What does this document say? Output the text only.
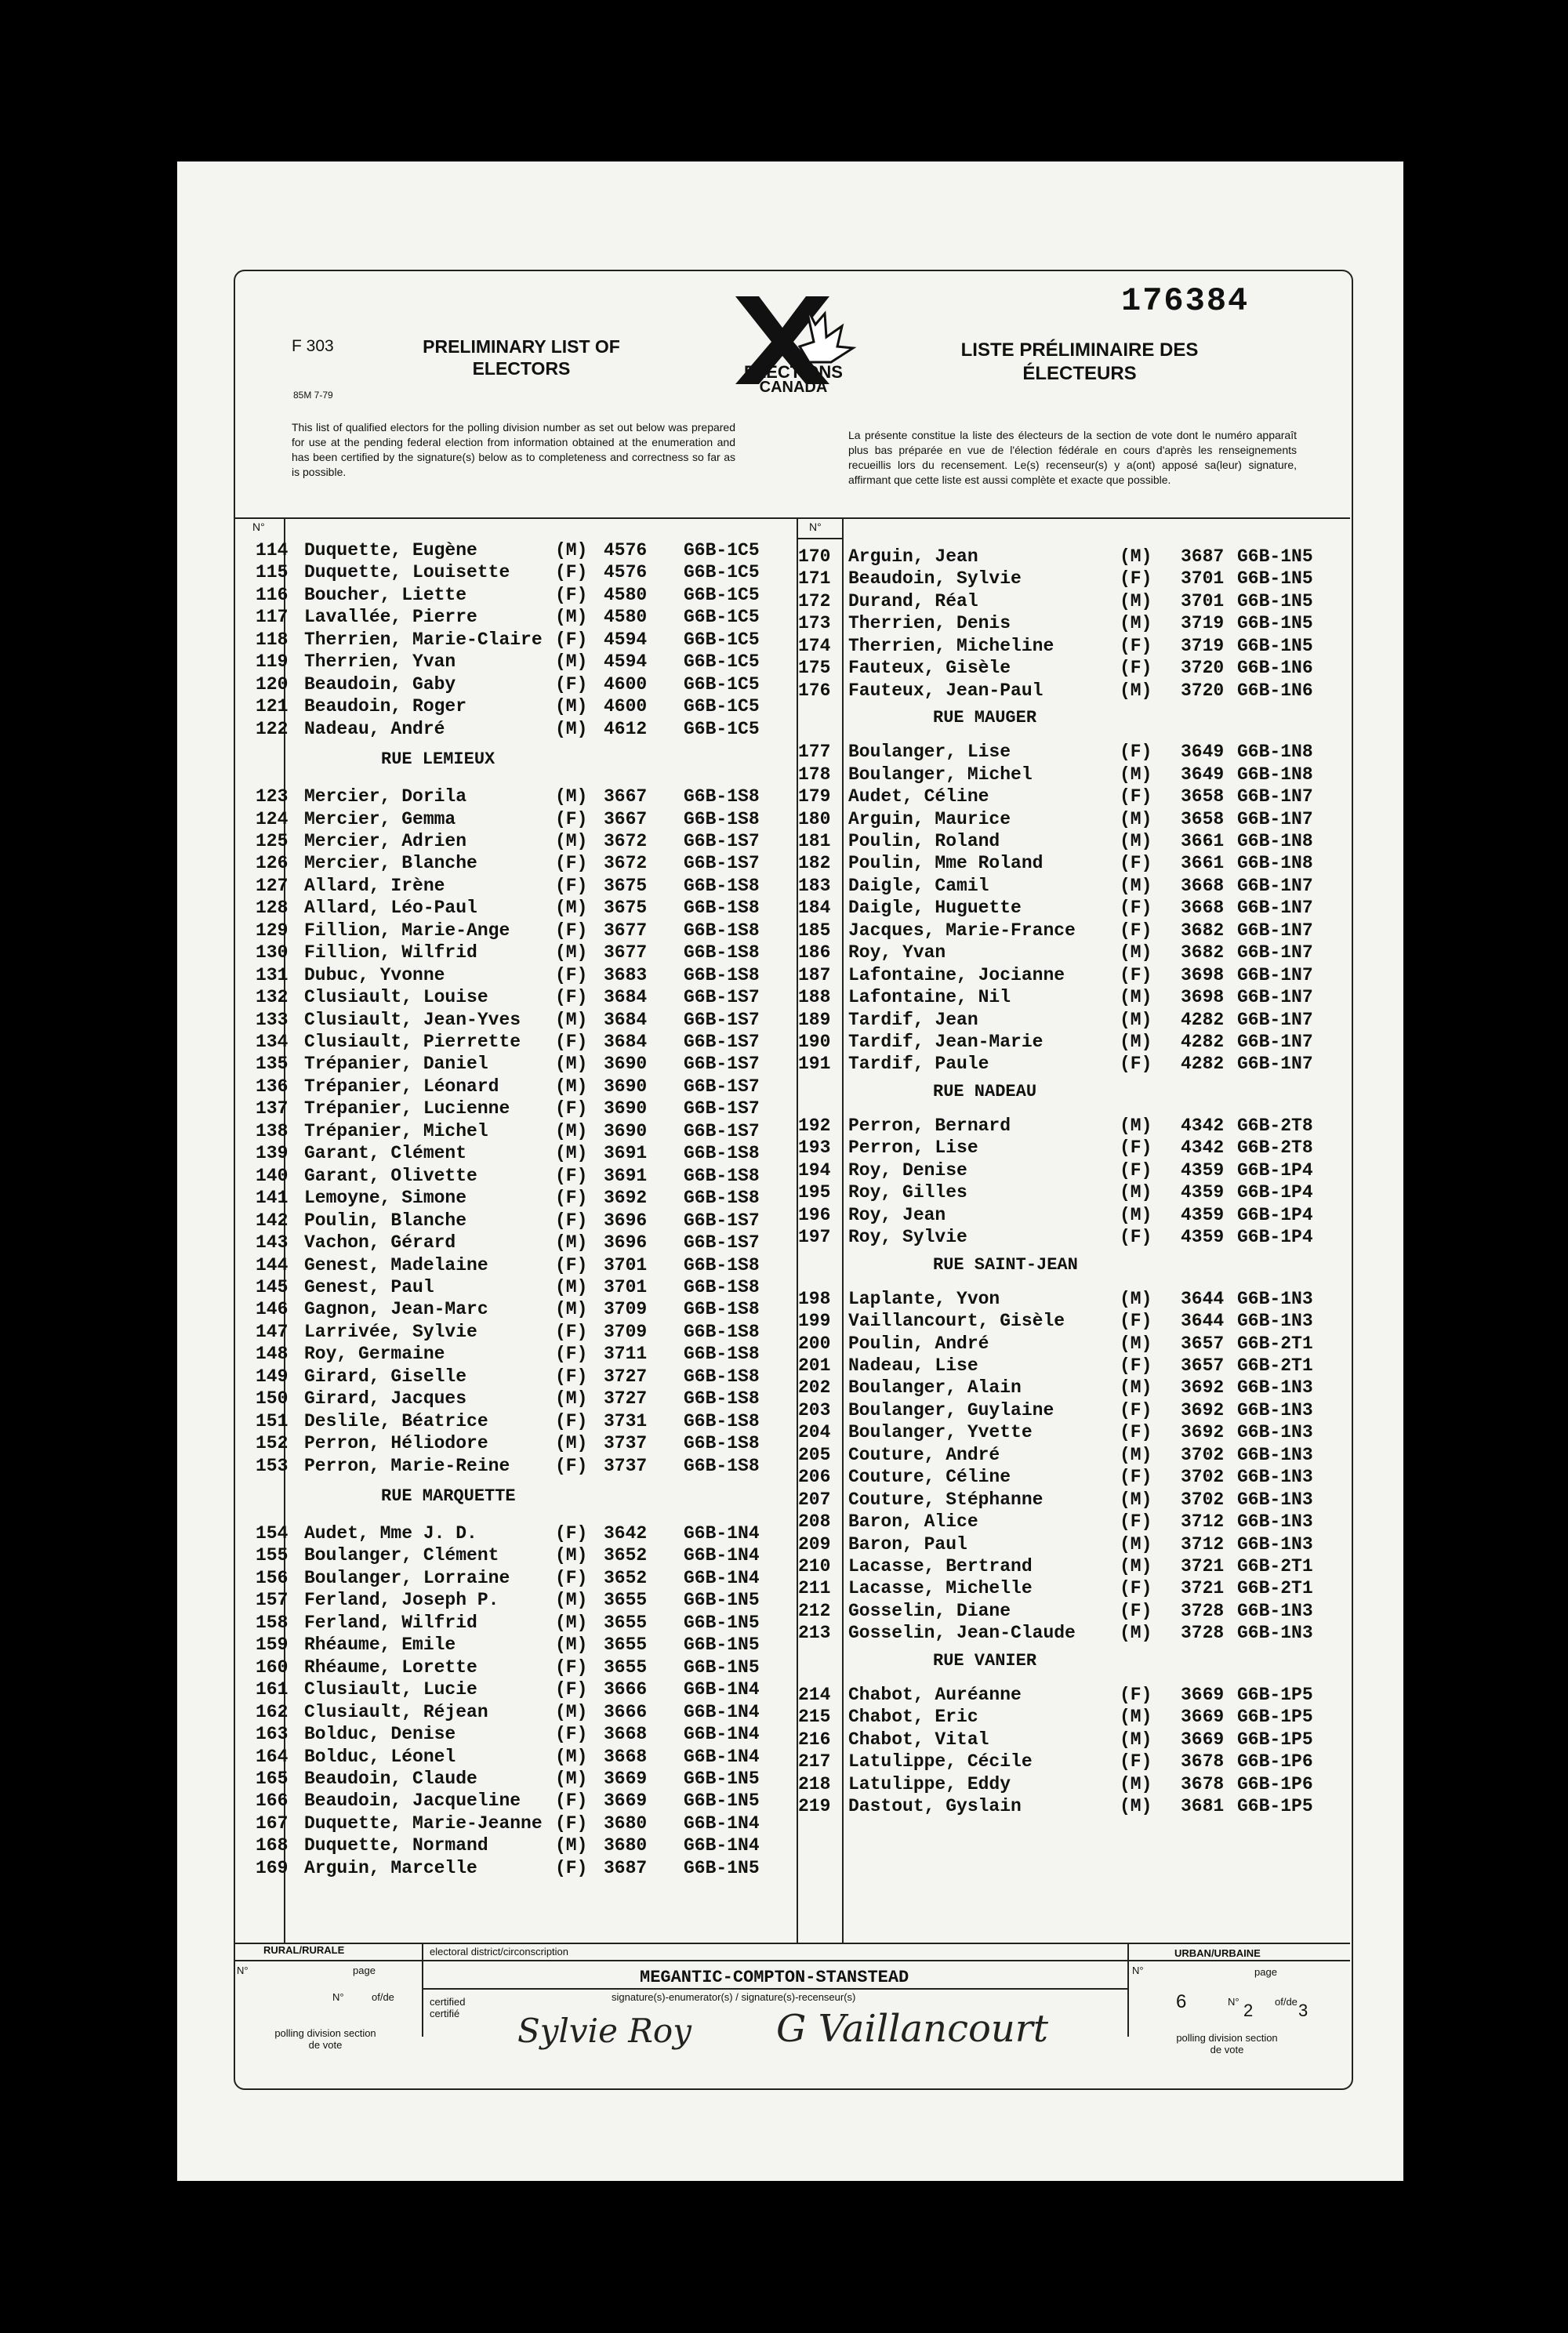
176384
F 303
85M 7-79
PRELIMINARY LIST OF ELECTORS
LISTE PRÉLIMINAIRE DES ÉLECTEURS
ELECTIONS
CANADA
This list of qualified electors for the polling division number as set out below was prepared for use at the pending federal election from information obtained at the enumeration and has been certified by the signature(s) below as to completeness and correctness so far as is possible.
La présente constitue la liste des électeurs de la section de vote dont le numéro apparaît plus bas préparée en vue de l'élection fédérale en cours d'après les renseignements recueillis lors du recensement. Le(s) recenseur(s) y a(ont) apposé sa(leur) signature, affirmant que cette liste est aussi complète et exacte que possible.
N°	N°
114 Duquette, Eugène	(M) 4576 G6B-1C5
115 Duquette, Louisette	(F) 4576 G6B-1C5
116 Boucher, Liette	(F) 4580 G6B-1C5
117 Lavallée, Pierre	(M) 4580 G6B-1C5
118 Therrien, Marie-Claire (F) 4594 G6B-1C5
119 Therrien, Yvan	(M) 4594 G6B-1C5
120 Beaudoin, Gaby	(F) 4600 G6B-1C5
121 Beaudoin, Roger	(M) 4600 G6B-1C5
122 Nadeau, André	(M) 4612 G6B-1C5
RUE LEMIEUX
123 Mercier, Dorila	(M) 3667 G6B-1S8
124 Mercier, Gemma	(F) 3667 G6B-1S8
125 Mercier, Adrien	(M) 3672 G6B-1S7
126 Mercier, Blanche	(F) 3672 G6B-1S7
127 Allard, Irène	(F) 3675 G6B-1S8
128 Allard, Léo-Paul	(M) 3675 G6B-1S8
129 Fillion, Marie-Ange	(F) 3677 G6B-1S8
130 Fillion, Wilfrid	(M) 3677 G6B-1S8
131 Dubuc, Yvonne	(F) 3683 G6B-1S8
132 Clusiault, Louise	(F) 3684 G6B-1S7
133 Clusiault, Jean-Yves (M) 3684 G6B-1S7
134 Clusiault, Pierrette (F) 3684 G6B-1S7
135 Trépanier, Daniel	(M) 3690 G6B-1S7
136 Trépanier, Léonard	(M) 3690 G6B-1S7
137 Trépanier, Lucienne	(F) 3690 G6B-1S7
138 Trépanier, Michel	(M) 3690 G6B-1S7
139 Garant, Clément	(M) 3691 G6B-1S8
140 Garant, Olivette	(F) 3691 G6B-1S8
141 Lemoyne, Simone	(F) 3692 G6B-1S8
142 Poulin, Blanche	(F) 3696 G6B-1S7
143 Vachon, Gérard	(M) 3696 G6B-1S7
144 Genest, Madelaine	(F) 3701 G6B-1S8
145 Genest, Paul	(M) 3701 G6B-1S8
146 Gagnon, Jean-Marc	(M) 3709 G6B-1S8
147 Larrivée, Sylvie	(F) 3709 G6B-1S8
148 Roy, Germaine	(F) 3711 G6B-1S8
149 Girard, Giselle	(F) 3727 G6B-1S8
150 Girard, Jacques	(M) 3727 G6B-1S8
151 Deslile, Béatrice	(F) 3731 G6B-1S8
152 Perron, Héliodore	(M) 3737 G6B-1S8
153 Perron, Marie-Reine	(F) 3737 G6B-1S8
RUE MARQUETTE
154 Audet, Mme J. D.	(F) 3642 G6B-1N4
155 Boulanger, Clément	(M) 3652 G6B-1N4
156 Boulanger, Lorraine	(F) 3652 G6B-1N4
157 Ferland, Joseph P.	(M) 3655 G6B-1N5
158 Ferland, Wilfrid	(M) 3655 G6B-1N5
159 Rhéaume, Emile	(M) 3655 G6B-1N5
160 Rhéaume, Lorette	(F) 3655 G6B-1N5
161 Clusiault, Lucie	(F) 3666 G6B-1N4
162 Clusiault, Réjean	(M) 3666 G6B-1N4
163 Bolduc, Denise	(F) 3668 G6B-1N4
164 Bolduc, Léonel	(M) 3668 G6B-1N4
165 Beaudoin, Claude	(M) 3669 G6B-1N5
166 Beaudoin, Jacqueline (F) 3669 G6B-1N5
167 Duquette, Marie-Jeanne (F) 3680 G6B-1N4
168 Duquette, Normand	(M) 3680 G6B-1N4
169 Arguin, Marcelle	(F) 3687 G6B-1N5
170 Arguin, Jean	(M) 3687 G6B-1N5
171 Beaudoin, Sylvie	(F) 3701 G6B-1N5
172 Durand, Réal	(M) 3701 G6B-1N5
173 Therrien, Denis	(M) 3719 G6B-1N5
174 Therrien, Micheline	(F) 3719 G6B-1N5
175 Fauteux, Gisèle	(F) 3720 G6B-1N6
176 Fauteux, Jean-Paul	(M) 3720 G6B-1N6
RUE MAUGER
177 Boulanger, Lise	(F) 3649 G6B-1N8
178 Boulanger, Michel	(M) 3649 G6B-1N8
179 Audet, Céline	(F) 3658 G6B-1N7
180 Arguin, Maurice	(M) 3658 G6B-1N7
181 Poulin, Roland	(M) 3661 G6B-1N8
182 Poulin, Mme Roland	(F) 3661 G6B-1N8
183 Daigle, Camil	(M) 3668 G6B-1N7
184 Daigle, Huguette	(F) 3668 G6B-1N7
185 Jacques, Marie-France (F) 3682 G6B-1N7
186 Roy, Yvan	(M) 3682 G6B-1N7
187 Lafontaine, Jocianne	(F) 3698 G6B-1N7
188 Lafontaine, Nil	(M) 3698 G6B-1N7
189 Tardif, Jean	(M) 4282 G6B-1N7
190 Tardif, Jean-Marie	(M) 4282 G6B-1N7
191 Tardif, Paule	(F) 4282 G6B-1N7
RUE NADEAU
192 Perron, Bernard	(M) 4342 G6B-2T8
193 Perron, Lise	(F) 4342 G6B-2T8
194 Roy, Denise	(F) 4359 G6B-1P4
195 Roy, Gilles	(M) 4359 G6B-1P4
196 Roy, Jean	(M) 4359 G6B-1P4
197 Roy, Sylvie	(F) 4359 G6B-1P4
RUE SAINT-JEAN
198 Laplante, Yvon	(M) 3644 G6B-1N3
199 Vaillancourt, Gisèle	(F) 3644 G6B-1N3
200 Poulin, André	(M) 3657 G6B-2T1
201 Nadeau, Lise	(F) 3657 G6B-2T1
202 Boulanger, Alain	(M) 3692 G6B-1N3
203 Boulanger, Guylaine	(F) 3692 G6B-1N3
204 Boulanger, Yvette	(F) 3692 G6B-1N3
205 Couture, André	(M) 3702 G6B-1N3
206 Couture, Céline	(F) 3702 G6B-1N3
207 Couture, Stéphanne	(M) 3702 G6B-1N3
208 Baron, Alice	(F) 3712 G6B-1N3
209 Baron, Paul	(M) 3712 G6B-1N3
210 Lacasse, Bertrand	(M) 3721 G6B-2T1
211 Lacasse, Michelle	(F) 3721 G6B-2T1
212 Gosselin, Diane	(F) 3728 G6B-1N3
213 Gosselin, Jean-Claude (M) 3728 G6B-1N3
RUE VANIER
214 Chabot, Auréanne	(F) 3669 G6B-1P5
215 Chabot, Eric	(M) 3669 G6B-1P5
216 Chabot, Vital	(M) 3669 G6B-1P5
217 Latulippe, Cécile	(F) 3678 G6B-1P6
218 Latulippe, Eddy	(M) 3678 G6B-1P6
219 Dastout, Gyslain	(M) 3681 G6B-1P5
RURAL/RURALE	URBAN/URBAINE
electoral district/circonscription
N°	page
N°	of/de
polling division section de vote
MEGANTIC-COMPTON-STANSTEAD
certified certifié
signature(s)-enumerator(s) / signature(s)-recenseur(s)
Sylvie Roy G Vaillancourt
N°	page
6	N° 2 of/de 3
polling division section de vote
